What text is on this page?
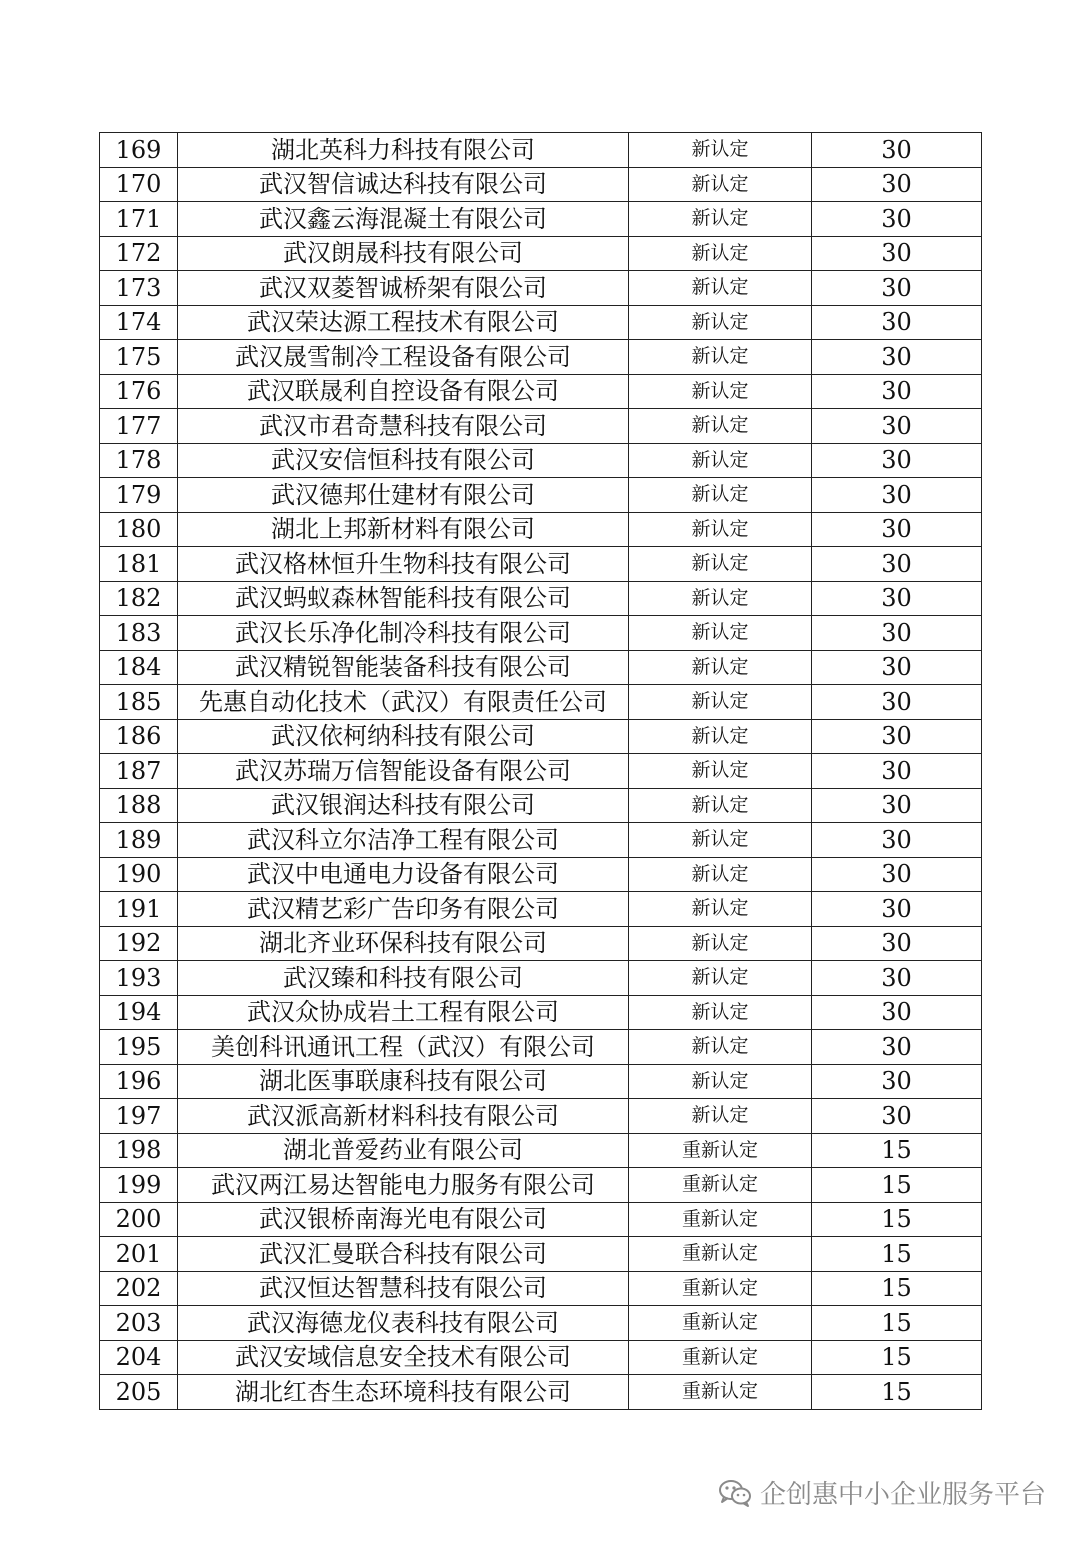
169	湖北英科力科技有限公司	新认定	30
170	武汉智信诚达科技有限公司	新认定	30
171	武汉鑫云海混凝土有限公司	新认定	30
172	武汉朗晟科技有限公司	新认定	30
173	武汉双菱智诚桥架有限公司	新认定	30
174	武汉荣达源工程技术有限公司	新认定	30
175	武汉晟雪制冷工程设备有限公司	新认定	30
176	武汉联晟利自控设备有限公司	新认定	30
177	武汉市君奇慧科技有限公司	新认定	30
178	武汉安信恒科技有限公司	新认定	30
179	武汉德邦仕建材有限公司	新认定	30
180	湖北上邦新材料有限公司	新认定	30
181	武汉格林恒升生物科技有限公司	新认定	30
182	武汉蚂蚁森林智能科技有限公司	新认定	30
183	武汉长乐净化制冷科技有限公司	新认定	30
184	武汉精锐智能装备科技有限公司	新认定	30
185	先惠自动化技术（武汉）有限责任公司	新认定	30
186	武汉依柯纳科技有限公司	新认定	30
187	武汉苏瑞万信智能设备有限公司	新认定	30
188	武汉银润达科技有限公司	新认定	30
189	武汉科立尔洁净工程有限公司	新认定	30
190	武汉中电通电力设备有限公司	新认定	30
191	武汉精艺彩广告印务有限公司	新认定	30
192	湖北齐业环保科技有限公司	新认定	30
193	武汉臻和科技有限公司	新认定	30
194	武汉众协成岩土工程有限公司	新认定	30
195	美创科讯通讯工程（武汉）有限公司	新认定	30
196	湖北医事联康科技有限公司	新认定	30
197	武汉派高新材料科技有限公司	新认定	30
198	湖北普爱药业有限公司	重新认定	15
199	武汉两江易达智能电力服务有限公司	重新认定	15
200	武汉银桥南海光电有限公司	重新认定	15
201	武汉汇曼联合科技有限公司	重新认定	15
202	武汉恒达智慧科技有限公司	重新认定	15
203	武汉海德龙仪表科技有限公司	重新认定	15
204	武汉安域信息安全技术有限公司	重新认定	15
205	湖北红杏生态环境科技有限公司	重新认定	15
企创惠中小企业服务平台
